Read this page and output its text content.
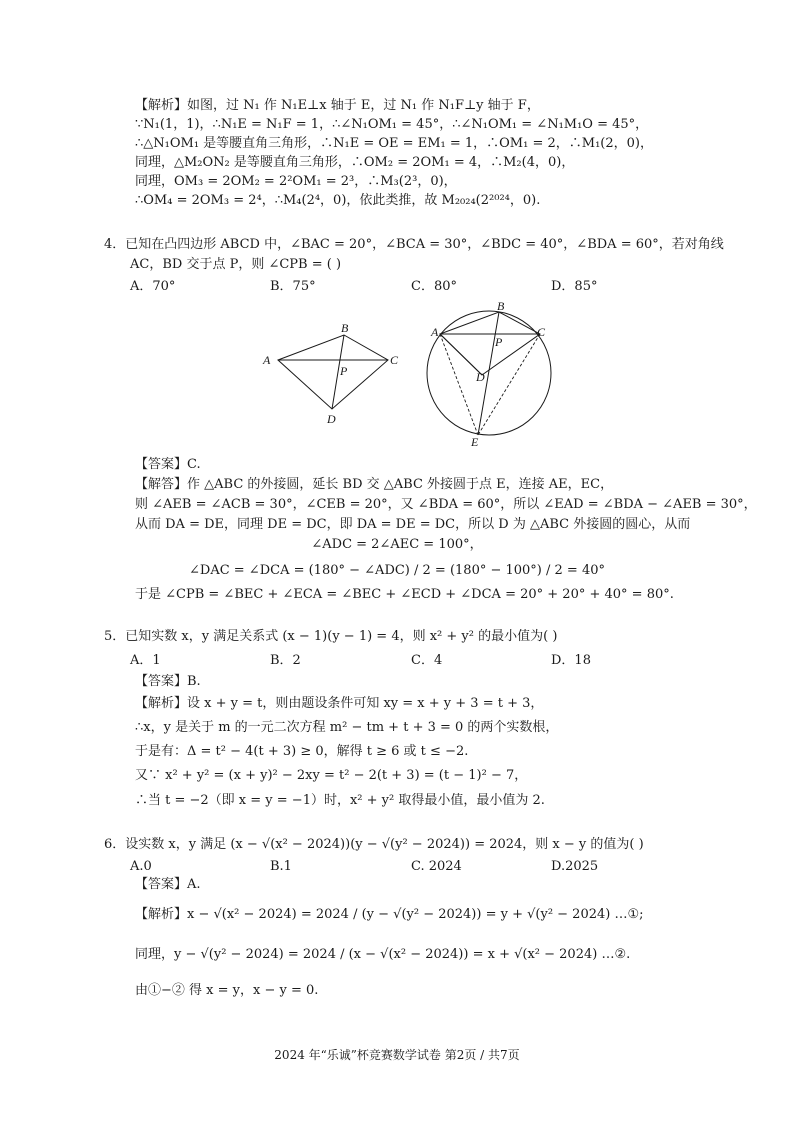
【解析】如图，过 N₁ 作 N₁E⊥x 轴于 E，过 N₁ 作 N₁F⊥y 轴于 F，
∵N₁(1，1)，∴N₁E = N₁F = 1，∴∠N₁OM₁ = 45°，∴∠N₁OM₁ = ∠N₁M₁O = 45°，
∴△N₁OM₁ 是等腰直角三角形，∴N₁E = OE = EM₁ = 1，∴OM₁ = 2，∴M₁(2，0)，
同理，△M₂ON₂ 是等腰直角三角形，∴OM₂ = 2OM₁ = 4，∴M₂(4，0)，
同理，OM₃ = 2OM₂ = 2²OM₁ = 2³，∴M₃(2³，0)，
∴OM₄ = 2OM₃ = 2⁴，∴M₄(2⁴，0)，依此类推，故 M₂₀₂₄(2²⁰²⁴，0).
4．已知在凸四边形 ABCD 中，∠BAC = 20°，∠BCA = 30°，∠BDC = 40°，∠BDA = 60°，若对角线
AC，BD 交于点 P，则 ∠CPB = ( )
A．70°	B．75°	C．80°	D．85°
A
B
C
D
P
A
B
C
D
P
E
【答案】C.
【解答】作 △ABC 的外接圆，延长 BD 交 △ABC 外接圆于点 E，连接 AE，EC，
则 ∠AEB = ∠ACB = 30°，∠CEB = 20°，又 ∠BDA = 60°，所以 ∠EAD = ∠BDA − ∠AEB = 30°，
从而 DA = DE，同理 DE = DC，即 DA = DE = DC，所以 D 为 △ABC 外接圆的圆心，从而
∠ADC = 2∠AEC = 100°，
∠DAC = ∠DCA = (180° − ∠ADC) / 2 = (180° − 100°) / 2 = 40°
于是 ∠CPB = ∠BEC + ∠ECA = ∠BEC + ∠ECD + ∠DCA = 20° + 20° + 40° = 80°.
5．已知实数 x，y 满足关系式 (x − 1)(y − 1) = 4，则 x² + y² 的最小值为( )
A．1	B．2	C．4	D．18
【答案】B.
【解析】设 x + y = t，则由题设条件可知 xy = x + y + 3 = t + 3，
∴x，y 是关于 m 的一元二次方程 m² − tm + t + 3 = 0 的两个实数根，
于是有：Δ = t² − 4(t + 3) ≥ 0，解得 t ≥ 6 或 t ≤ −2.
又∵ x² + y² = (x + y)² − 2xy = t² − 2(t + 3) = (t − 1)² − 7，
∴当 t = −2（即 x = y = −1）时，x² + y² 取得最小值，最小值为 2.
6．设实数 x，y 满足 (x − √(x² − 2024))(y − √(y² − 2024)) = 2024，则 x − y 的值为( )
A.0	B.1	C. 2024	D.2025
【答案】A.
【解析】x − √(x² − 2024) = 2024 / (y − √(y² − 2024)) = y + √(y² − 2024) …①;
同理，y − √(y² − 2024) = 2024 / (x − √(x² − 2024)) = x + √(x² − 2024) …②.
由①−② 得 x = y，x − y = 0.
2024 年“乐诚”杯竞赛数学试卷 第2页 / 共7页
